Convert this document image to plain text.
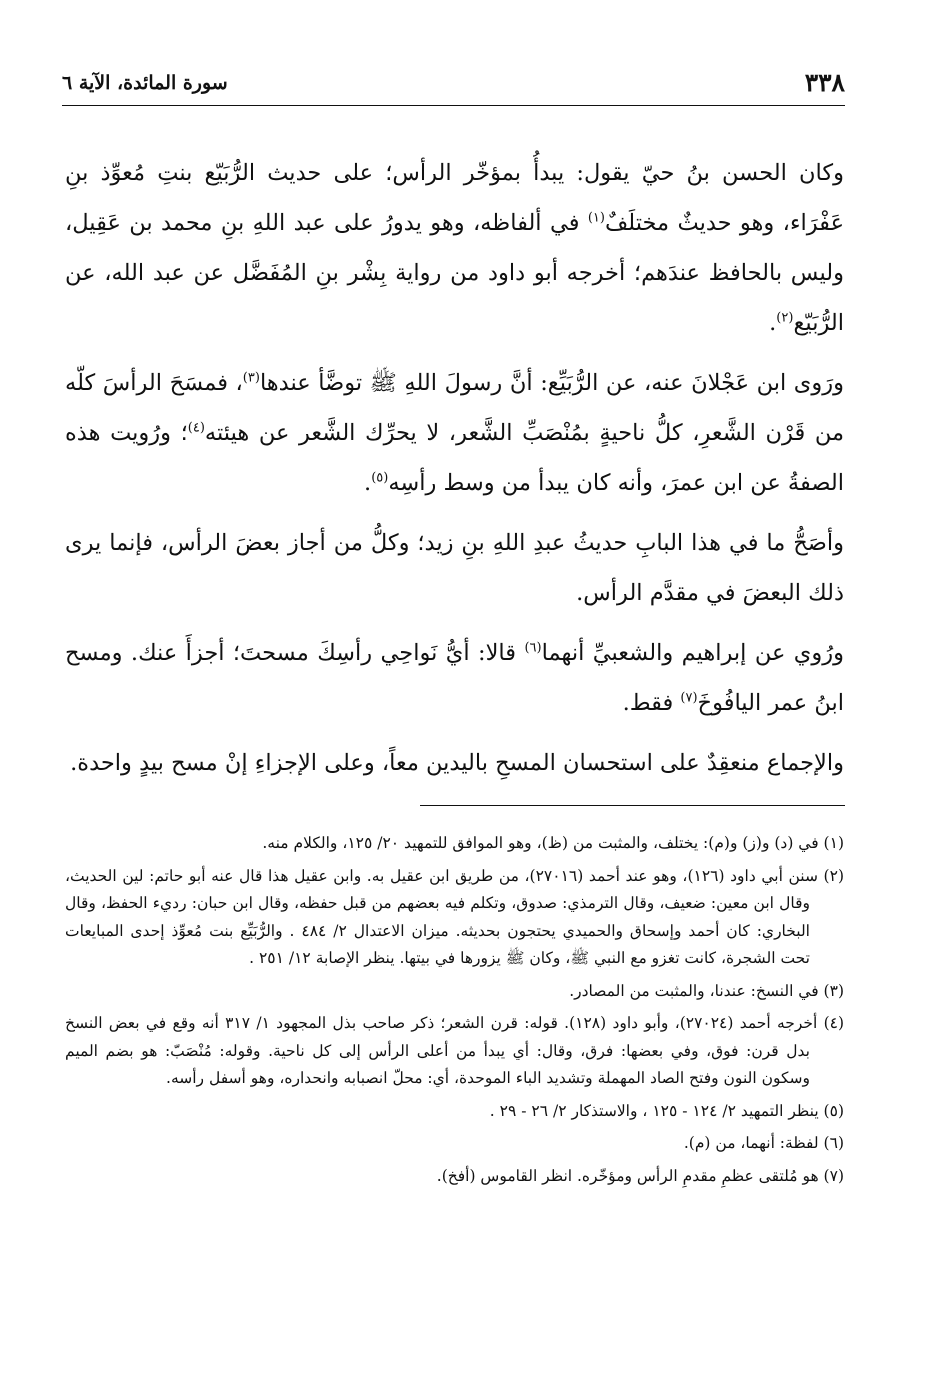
٣٣٨
سورة المائدة، الآية ٦

وكان الحسن بنُ حيّ يقول: يبدأُ بمؤخّر الرأس؛ على حديث الرُّبَيّع بنتِ مُعوِّذ بنِ عَفْرَاء، وهو حديثٌ مختلَفٌ$^{(١)}$ في ألفاظه، وهو يدورُ على عبد اللهِ بنِ محمد بن عَقِيل، وليس بالحافظ عندَهم؛ أخرجه أبو داود من رواية بِشْر بنِ المُفَضَّل عن عبد الله، عن الرُّبَيّع$^{(٢)}$.

ورَوى ابن عَجْلانَ عنه، عن الرُّبَيِّع: أنَّ رسولَ اللهِ ﷺ توضَّأ عندها$^{(٣)}$، فمسَحَ الرأسَ كلّه من قَرْن الشَّعرِ، كلُّ ناحيةٍ بمُنْصَبِّ الشَّعر، لا يحرِّك الشَّعر عن هيئته$^{(٤)}$؛ ورُويت هذه الصفةُ عن ابن عمرَ، وأنه كان يبدأ من وسط رأسِه$^{(٥)}$.

وأصَحُّ ما في هذا البابِ حديثُ عبدِ اللهِ بنِ زيد؛ وكلُّ من أجاز بعضَ الرأس، فإنما يرى ذلك البعضَ في مقدَّم الرأس.

ورُوي عن إبراهيم والشعبيِّ أنهما$^{(٦)}$ قالا: أيُّ نَواحِي رأسِكَ مسحتَ؛ أجزأَ عنك. ومسح ابنُ عمر اليافُوخَ$^{(٧)}$ فقط.

والإجماع منعقِدٌ على استحسان المسحِ باليدين معاً، وعلى الإجزاءِ إنْ مسح بيدٍ واحدة.

(١) في (د) و(ز) و(م): يختلف، والمثبت من (ظ)، وهو الموافق للتمهيد ٢٠/ ١٢٥، والكلام منه.

(٢) سنن أبي داود (١٢٦)، وهو عند أحمد (٢٧٠١٦)، من طريق ابن عقيل به. وابن عقيل هذا قال عنه أبو حاتم: لين الحديث، وقال ابن معين: ضعيف، وقال الترمذي: صدوق، وتكلم فيه بعضهم من قبل حفظه، وقال ابن حبان: رديء الحفظ، وقال البخاري: كان أحمد وإسحاق والحميدي يحتجون بحديثه. ميزان الاعتدال ٢/ ٤٨٤ . والرُّبَيِّع بنت مُعوِّذ إحدى المبايعات تحت الشجرة، كانت تغزو مع النبي ﷺ، وكان ﷺ يزورها في بيتها. ينظر الإصابة ١٢/ ٢٥١ .

(٣) في النسخ: عندنا، والمثبت من المصادر.

(٤) أخرجه أحمد (٢٧٠٢٤)، وأبو داود (١٢٨). قوله: قرن الشعر؛ ذكر صاحب بذل المجهود ١/ ٣١٧ أنه وقع في بعض النسخ بدل قرن: فوق، وفي بعضها: فرق، وقال: أي يبدأ من أعلى الرأس إلى كل ناحية. وقوله: مُنْصَبّ: هو بضم الميم وسكون النون وفتح الصاد المهملة وتشديد الباء الموحدة، أي: محلّ انصبابه وانحداره، وهو أسفل رأسه.

(٥) ينظر التمهيد ٢/ ١٢٤ - ١٢٥ ، والاستذكار ٢/ ٢٦ - ٢٩ .

(٦) لفظة: أنهما، من (م).

(٧) هو مُلتقى عظمِ مقدمِ الرأس ومؤخّره. انظر القاموس (أفخ).
